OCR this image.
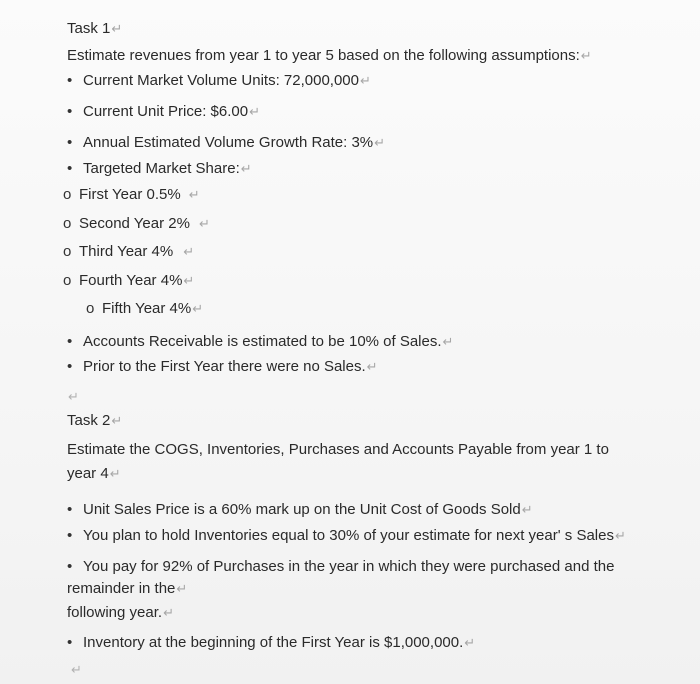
Task 1↵
Estimate revenues from year 1 to year 5 based on the following assumptions:↵
• Current Market Volume Units: 72,000,000↵
• Current Unit Price: $6.00↵
• Annual Estimated Volume Growth Rate: 3%↵
• Targeted Market Share:↵
o First Year 0.5% ↵
o Second Year 2% ↵
o Third Year 4% ↵
o Fourth Year 4%↵
o Fifth Year 4%↵
• Accounts Receivable is estimated to be 10% of Sales.↵
• Prior to the First Year there were no Sales.↵
↵
Task 2↵
Estimate the COGS, Inventories, Purchases and Accounts Payable from year 1 to
year 4↵
• Unit Sales Price is a 60% mark up on the Unit Cost of Goods Sold↵
• You plan to hold Inventories equal to 30% of your estimate for next year' s Sales↵
• You pay for 92% of Purchases in the year in which they were purchased and the
remainder in the↵
following year.↵
• Inventory at the beginning of the First Year is $1,000,000.↵
↵
